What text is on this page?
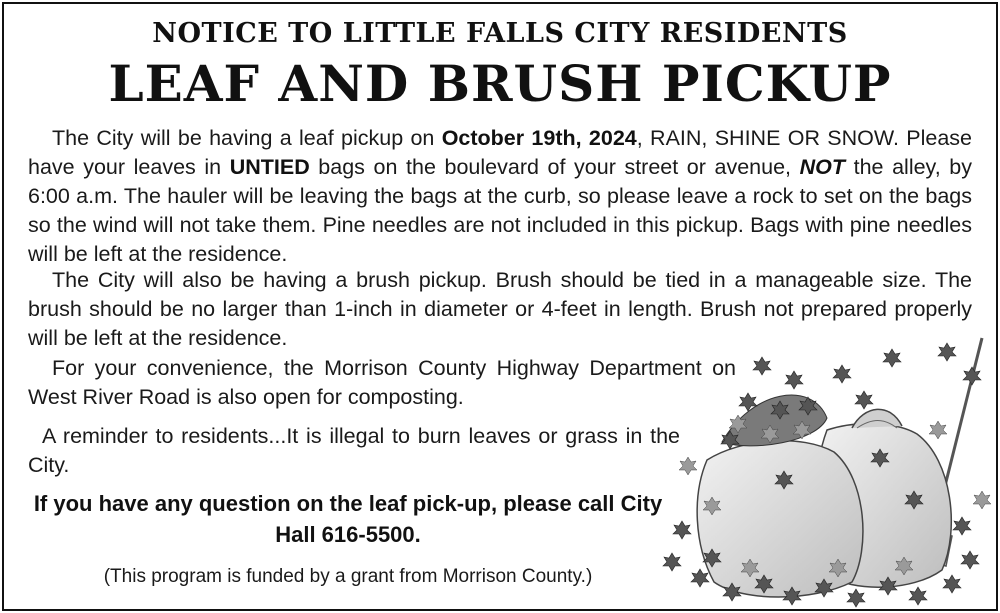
NOTICE TO LITTLE FALLS CITY RESIDENTS
LEAF AND BRUSH PICKUP

The City will be having a leaf pickup on October 19th, 2024, RAIN, SHINE OR SNOW. Please have your leaves in UNTIED bags on the boulevard of your street or avenue, NOT the alley, by 6:00 a.m. The hauler will be leaving the bags at the curb, so please leave a rock to set on the bags so the wind will not take them. Pine needles are not included in this pickup. Bags with pine needles will be left at the residence.

The City will also be having a brush pickup. Brush should be tied in a manageable size. The brush should be no larger than 1-inch in diameter or 4-feet in length. Brush not prepared properly will be left at the residence.

For your convenience, the Morrison County Highway Department on West River Road is also open for composting.

A reminder to residents...It is illegal to burn leaves or grass in the City.

If you have any question on the leaf pick-up, please call City Hall 616-5500.
(This program is funded by a grant from Morrison County.)
